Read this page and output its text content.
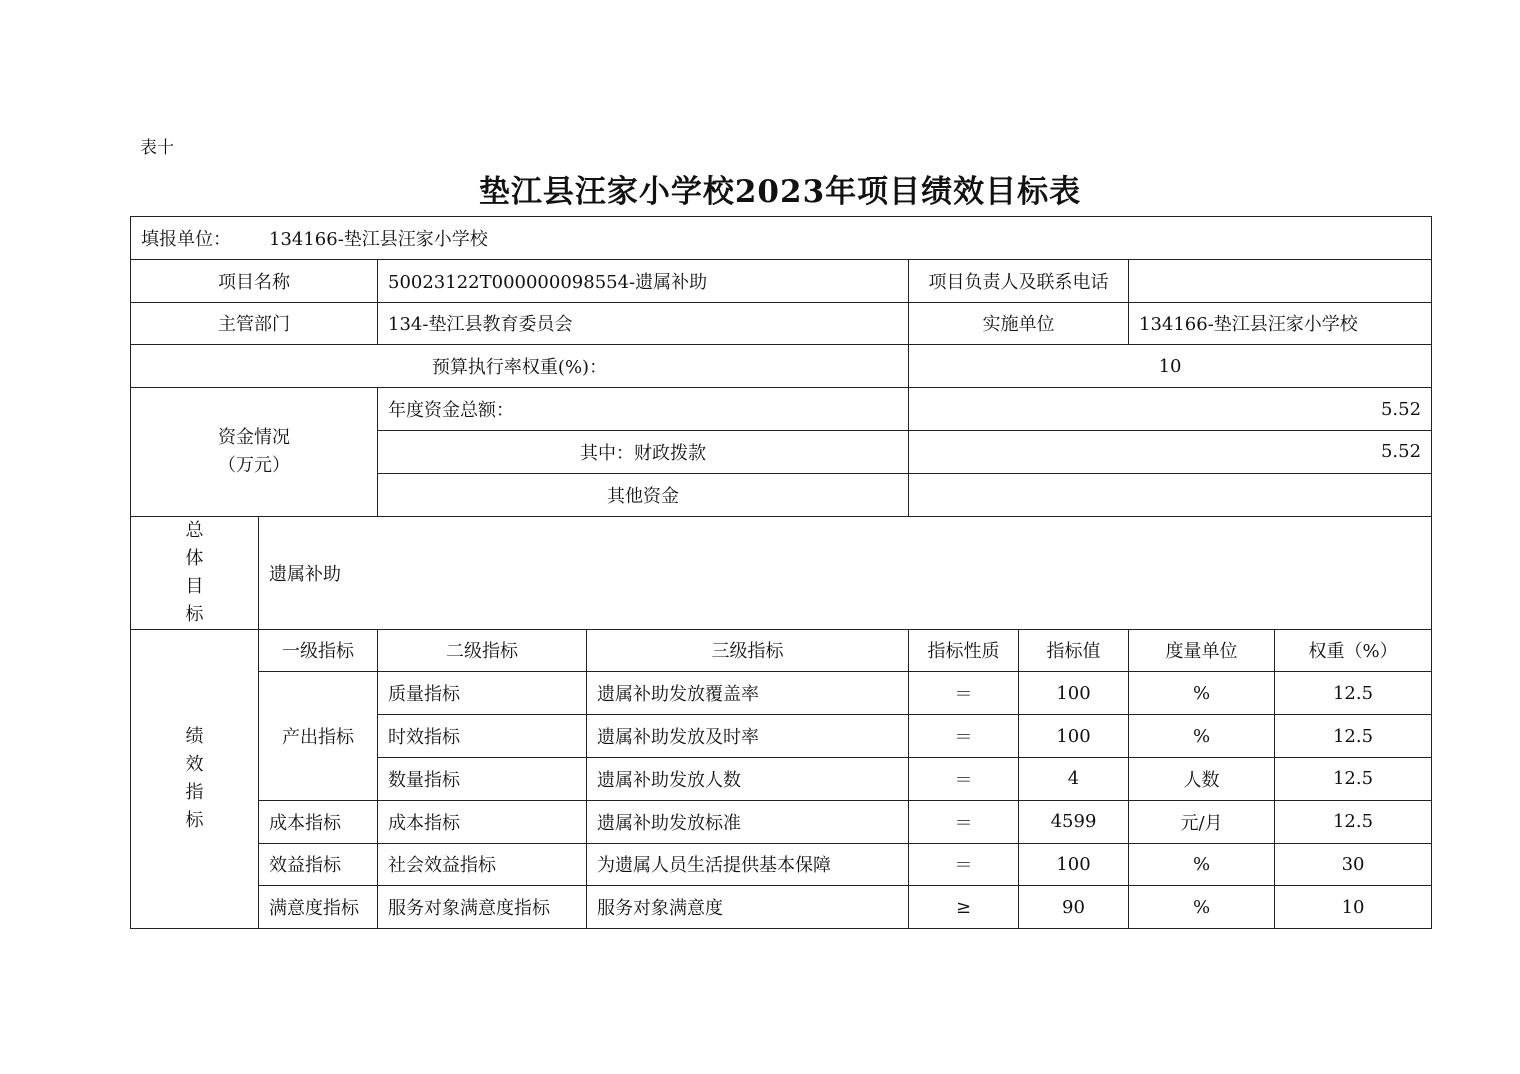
表十
垫江县汪家小学校2023年项目绩效目标表
填报单位： 134166-垫江县汪家小学校							
项目名称		50023122T000000098554-遗属补助		项目负责人及联系电话			
主管部门		134-垫江县教育委员会		实施单位		134166-垫江县汪家小学校	
预算执行率权重(%)：				10			

资金情况
（万元）		年度资金总额：		5.52			
		其中：财政拨款		5.52			
		其他资金					

总
体
目
标	遗属补助						

绩
效
指
标	一级指标	二级指标	三级指标	指标性质	指标值	度量单位	权重（%）
	产出指标	质量指标	遗属补助发放覆盖率	＝	100	%	12.5
		时效指标	遗属补助发放及时率	＝	100	%	12.5
		数量指标	遗属补助发放人数	＝	4	人数	12.5
	成本指标	成本指标	遗属补助发放标准	＝	4599	元/月	12.5
	效益指标	社会效益指标	为遗属人员生活提供基本保障	＝	100	%	30
	满意度指标	服务对象满意度指标	服务对象满意度	≥	90	%	10
